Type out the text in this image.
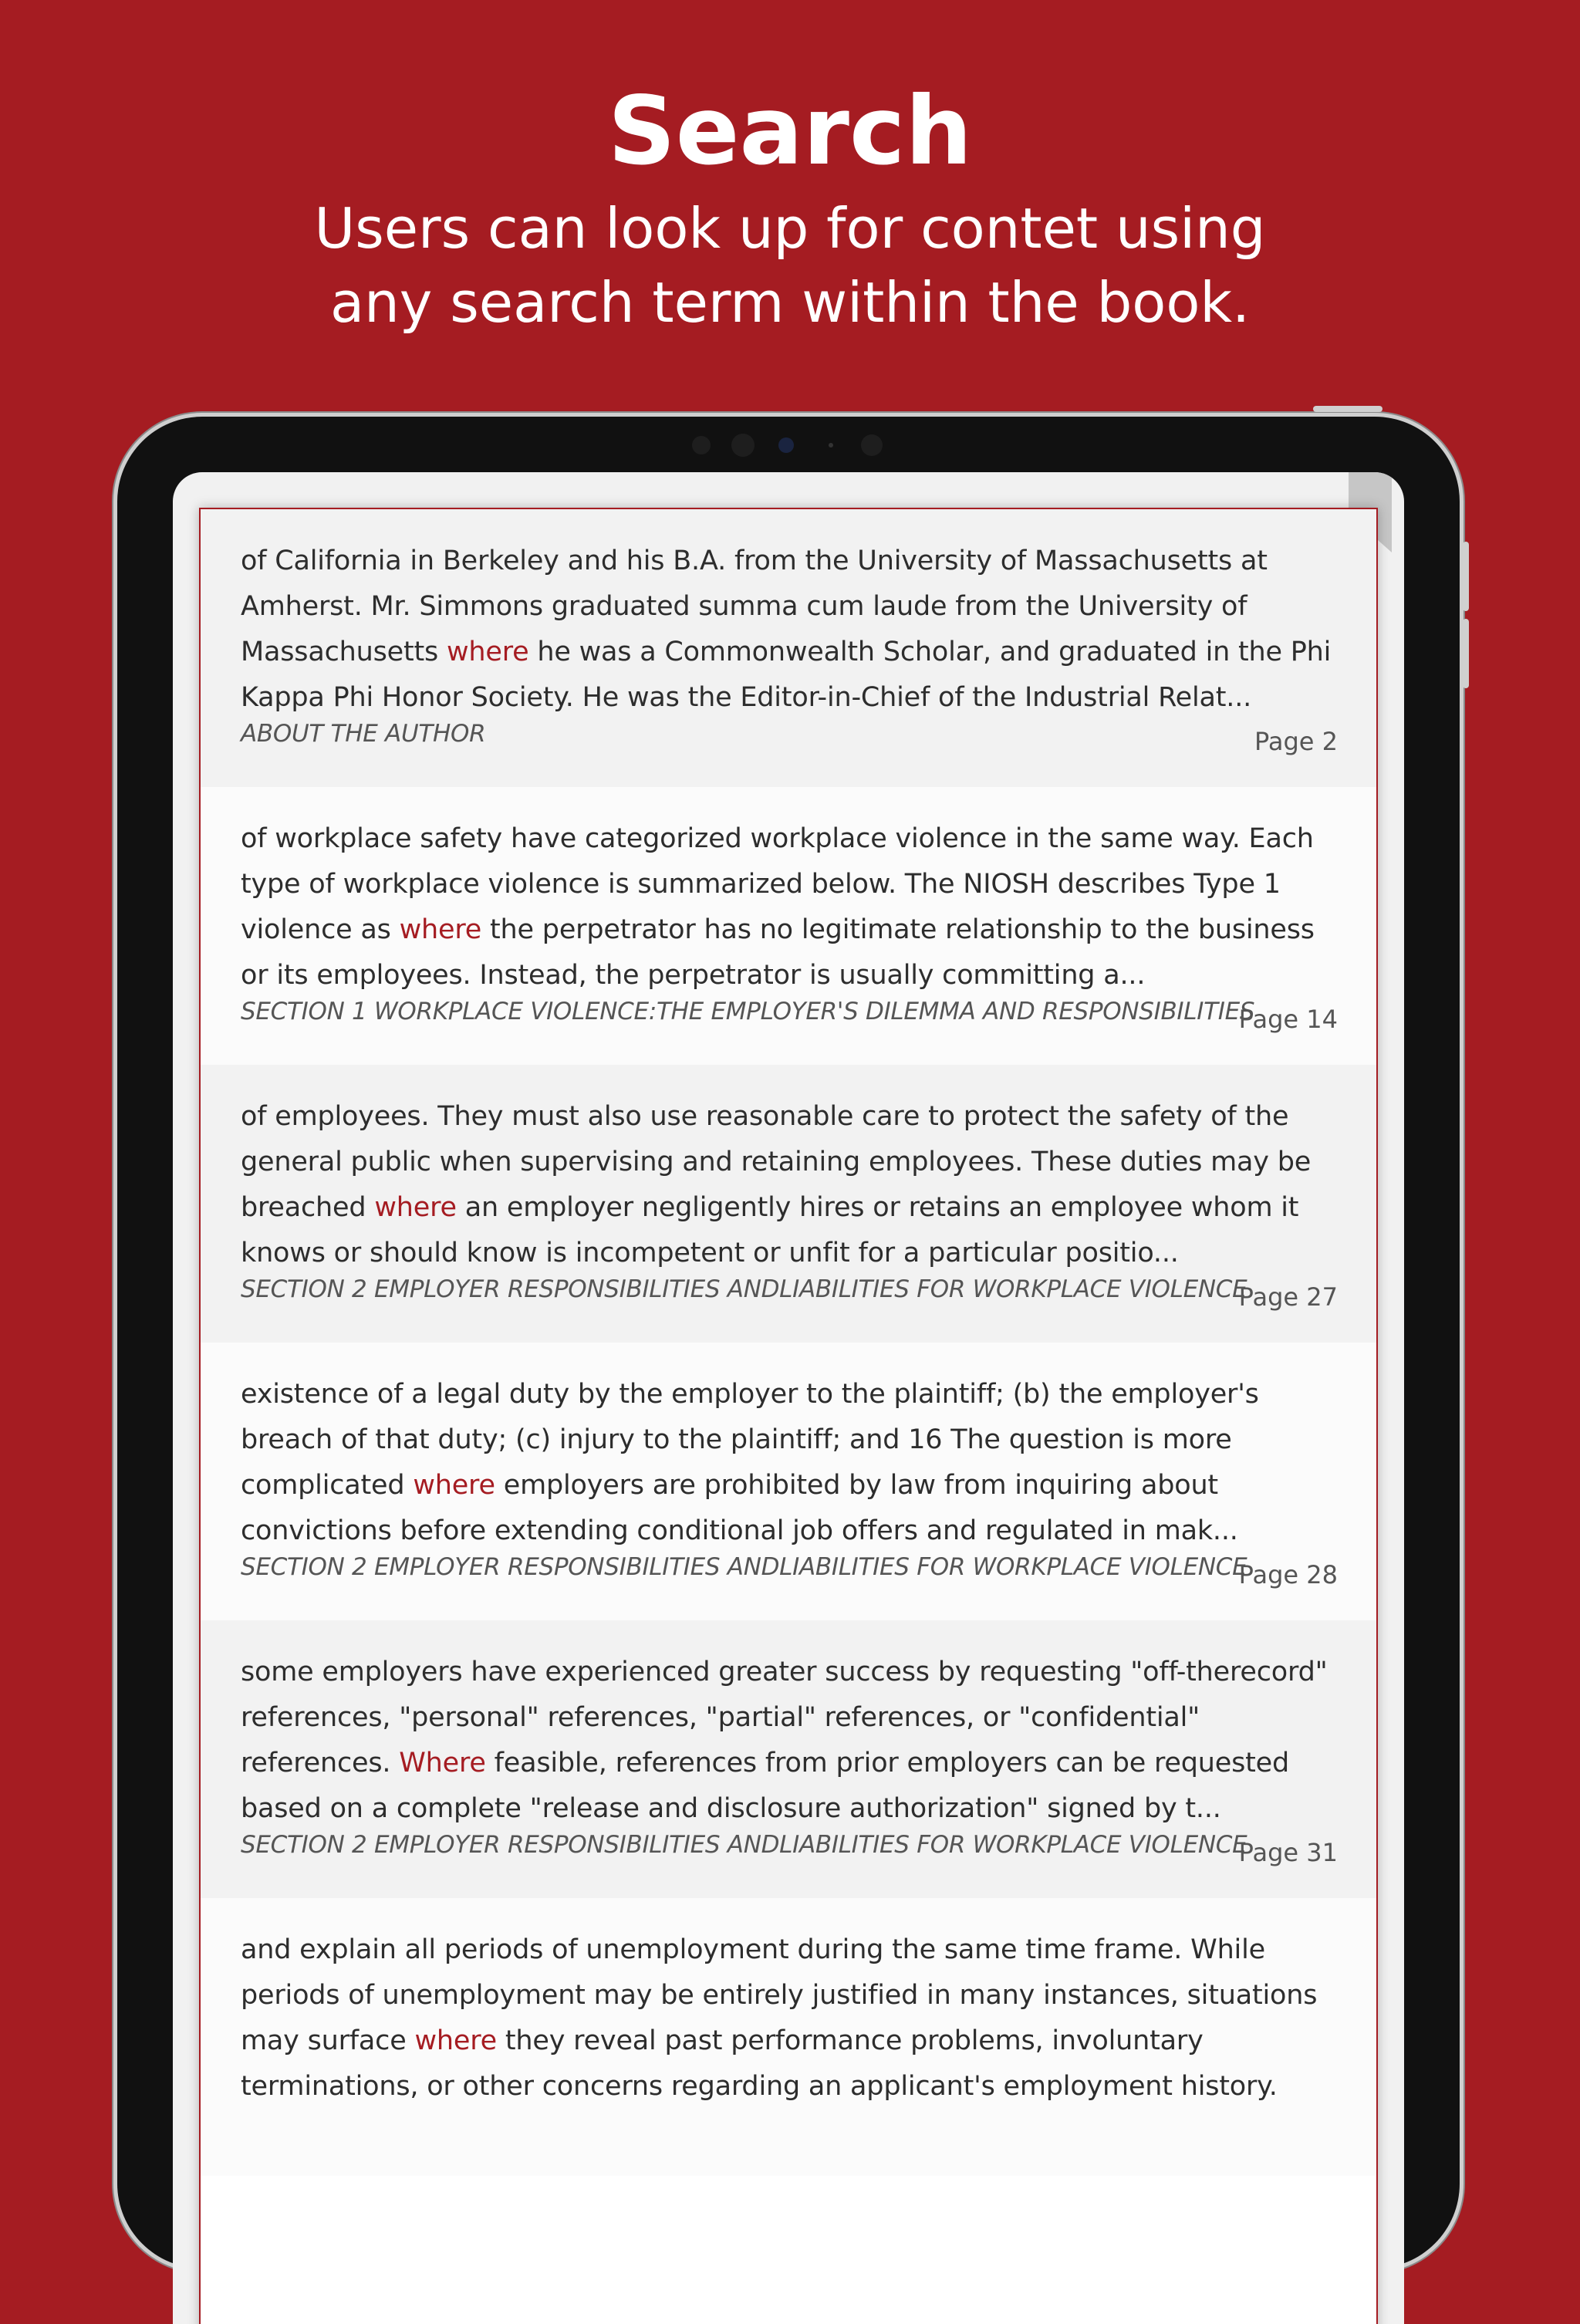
Search
Users can look up for contet using
any search term within the book.

of California in Berkeley and his B.A. from the University of Massachusetts at Amherst. Mr. Simmons graduated summa cum laude from the University of Massachusetts where he was a Commonwealth Scholar, and graduated in the Phi Kappa Phi Honor Society. He was the Editor-in-Chief of the Industrial Relat...

ABOUT THE AUTHOR	Page 2

of workplace safety have categorized workplace violence in the same way. Each type of workplace violence is summarized below. The NIOSH describes Type 1 violence as where the perpetrator has no legitimate relationship to the business or its employees. Instead, the perpetrator is usually committing a...

SECTION 1 WORKPLACE VIOLENCE:THE EMPLOYER'S DILEMMA AND RESPONSIBILITIES
Page 14

of employees. They must also use reasonable care to protect the safety of the general public when supervising and retaining employees. These duties may be breached where an employer negligently hires or retains an employee whom it knows or should know is incompetent or unfit for a particular positio...

SECTION 2 EMPLOYER RESPONSIBILITIES ANDLIABILITIES FOR WORKPLACE VIOLENCE
Page 27

existence of a legal duty by the employer to the plaintiff; (b) the employer's breach of that duty; (c) injury to the plaintiff; and 16 The question is more complicated where employers are prohibited by law from inquiring about convictions before extending conditional job offers and regulated in mak...

SECTION 2 EMPLOYER RESPONSIBILITIES ANDLIABILITIES FOR WORKPLACE VIOLENCE
Page 28

some employers have experienced greater success by requesting "off-therecord" references, "personal" references, "partial" references, or "confidential" references. Where feasible, references from prior employers can be requested based on a complete "release and disclosure authorization" signed by t...

SECTION 2 EMPLOYER RESPONSIBILITIES ANDLIABILITIES FOR WORKPLACE VIOLENCE
Page 31

and explain all periods of unemployment during the same time frame. While periods of unemployment may be entirely justified in many instances, situations may surface where they reveal past performance problems, involuntary terminations, or other concerns regarding an applicant's employment history.
